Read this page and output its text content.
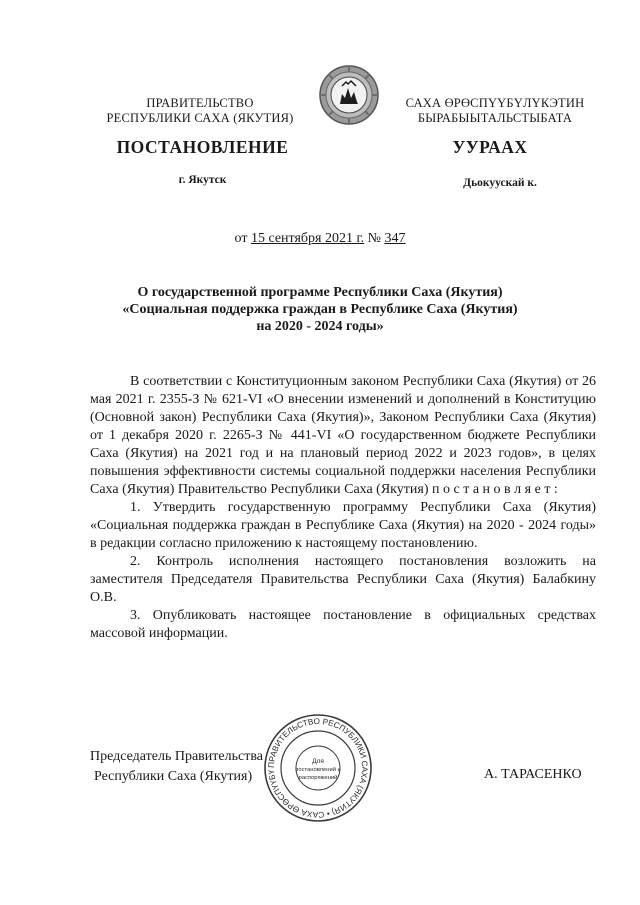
ПРАВИТЕЛЬСТВО
РЕСПУБЛИКИ САХА (ЯКУТИЯ)
САХА ӨРӨСПҮҮБҮЛҮКЭТИН
БЫРАБЫЫТАЛЬСТЫБАТА
ПОСТАНОВЛЕНИЕ	УУРААХ
г. Якутск	Дьокуускай к.
от 15 сентября 2021 г. № 347
О государственной программе Республики Саха (Якутия)
«Социальная поддержка граждан в Республике Саха (Якутия)
на 2020 - 2024 годы»

В соответствии с Конституционным законом Республики Саха (Якутия) от 26 мая 2021 г. 2355-З № 621-VI «О внесении изменений и дополнений в Конституцию (Основной закон) Республики Саха (Якутия)», Законом Республики Саха (Якутия) от 1 декабря 2020 г. 2265-З № 441-VI «О государственном бюджете Республики Саха (Якутия) на 2021 год и на плановый период 2022 и 2023 годов», в целях повышения эффективности системы социальной поддержки населения Республики Саха (Якутия) Правительство Республики Саха (Якутия) п о с т а н о в л я е т :

1. Утвердить государственную программу Республики Саха (Якутия) «Социальная поддержка граждан в Республике Саха (Якутия) на 2020 - 2024 годы» в редакции согласно приложению к настоящему постановлению.

2. Контроль исполнения настоящего постановления возложить на заместителя Председателя Правительства Республики Саха (Якутия) Балабкину О.В.

3. Опубликовать настоящее постановление в официальных средствах массовой информации.

Председатель Правительства
Республики Саха (Якутия)
ПРАВИТЕЛЬСТВО РЕСПУБЛИКИ САХА (ЯКУТИЯ) • САХА ӨРӨСПҮҮБҮ
Для
постановлений и
распоряжений	А. ТАРАСЕНКО
